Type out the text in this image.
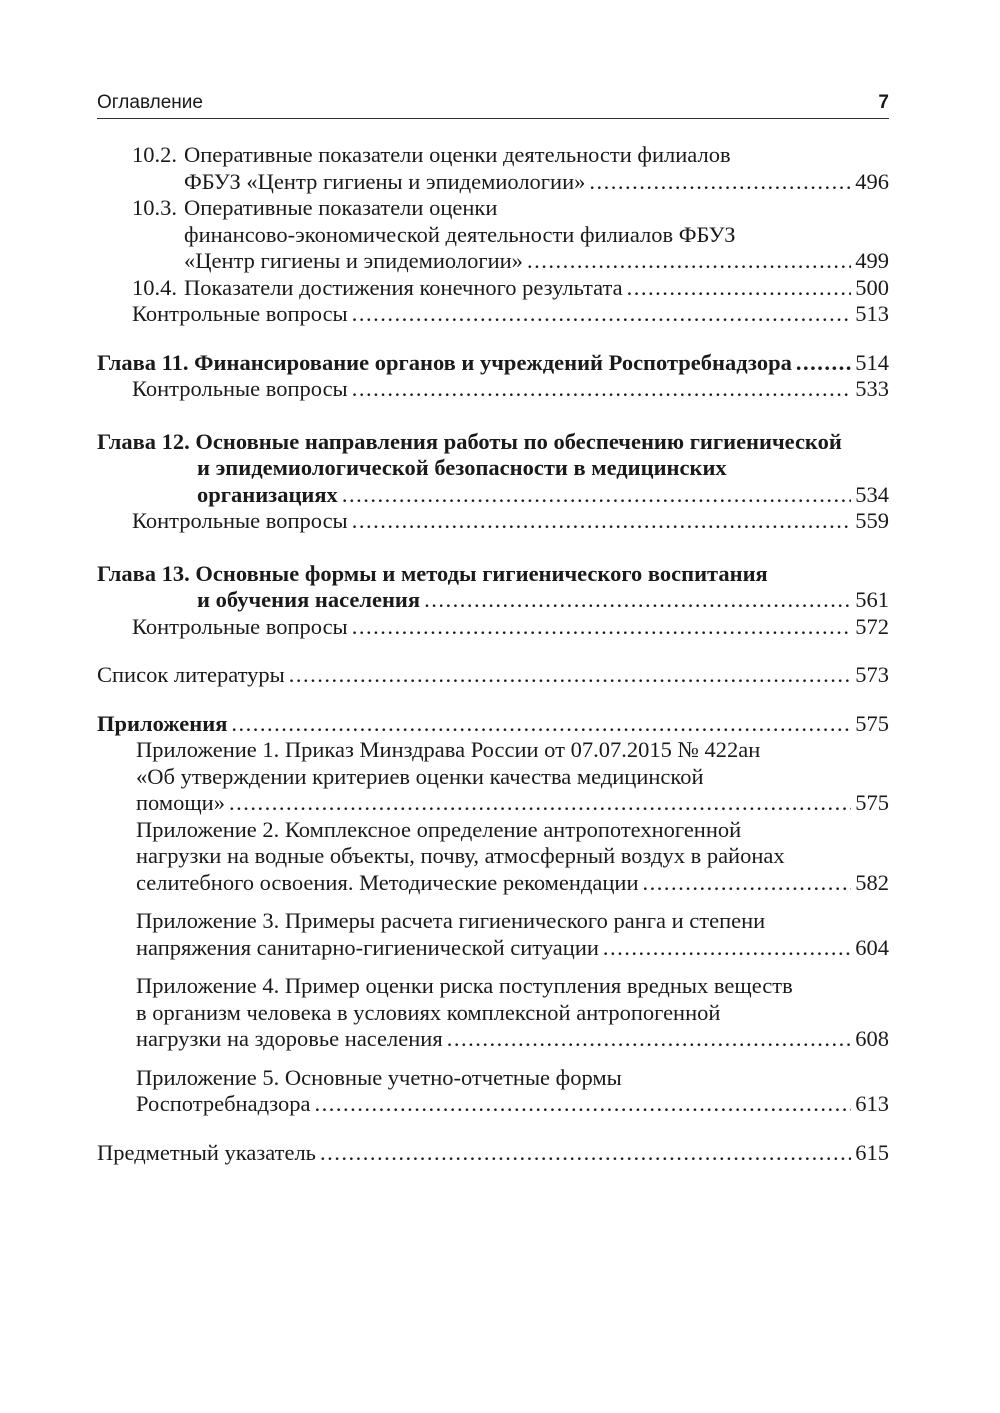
Оглавление	7
10.2. Оперативные показатели оценки деятельности филиалов
ФБУЗ «Центр гигиены и эпидемиологии» .....	496
10.3. Оперативные показатели оценки
финансово-экономической деятельности филиалов ФБУЗ
«Центр гигиены и эпидемиологии» .....	499
10.4. Показатели достижения конечного результата .....	500
Контрольные вопросы .....	513
Глава 11. Финансирование органов и учреждений Роспотребнадзора .....	514
Контрольные вопросы .....	533
Глава 12. Основные направления работы по обеспечению гигиенической
и эпидемиологической безопасности в медицинских
организациях .....	534
Контрольные вопросы .....	559
Глава 13. Основные формы и методы гигиенического воспитания
и обучения населения .....	561
Контрольные вопросы .....	572
Список литературы .....	573
Приложения .....	575
Приложение 1. Приказ Минздрава России от 07.07.2015 № 422ан
«Об утверждении критериев оценки качества медицинской
помощи» .....	575
Приложение 2. Комплексное определение антропотехногенной
нагрузки на водные объекты, почву, атмосферный воздух в районах
селитебного освоения. Методические рекомендации .....	582
Приложение 3. Примеры расчета гигиенического ранга и степени
напряжения санитарно-гигиенической ситуации .....	604
Приложение 4. Пример оценки риска поступления вредных веществ
в организм человека в условиях комплексной антропогенной
нагрузки на здоровье населения .....	608
Приложение 5. Основные учетно-отчетные формы
Роспотребнадзора .....	613
Предметный указатель .....	615
